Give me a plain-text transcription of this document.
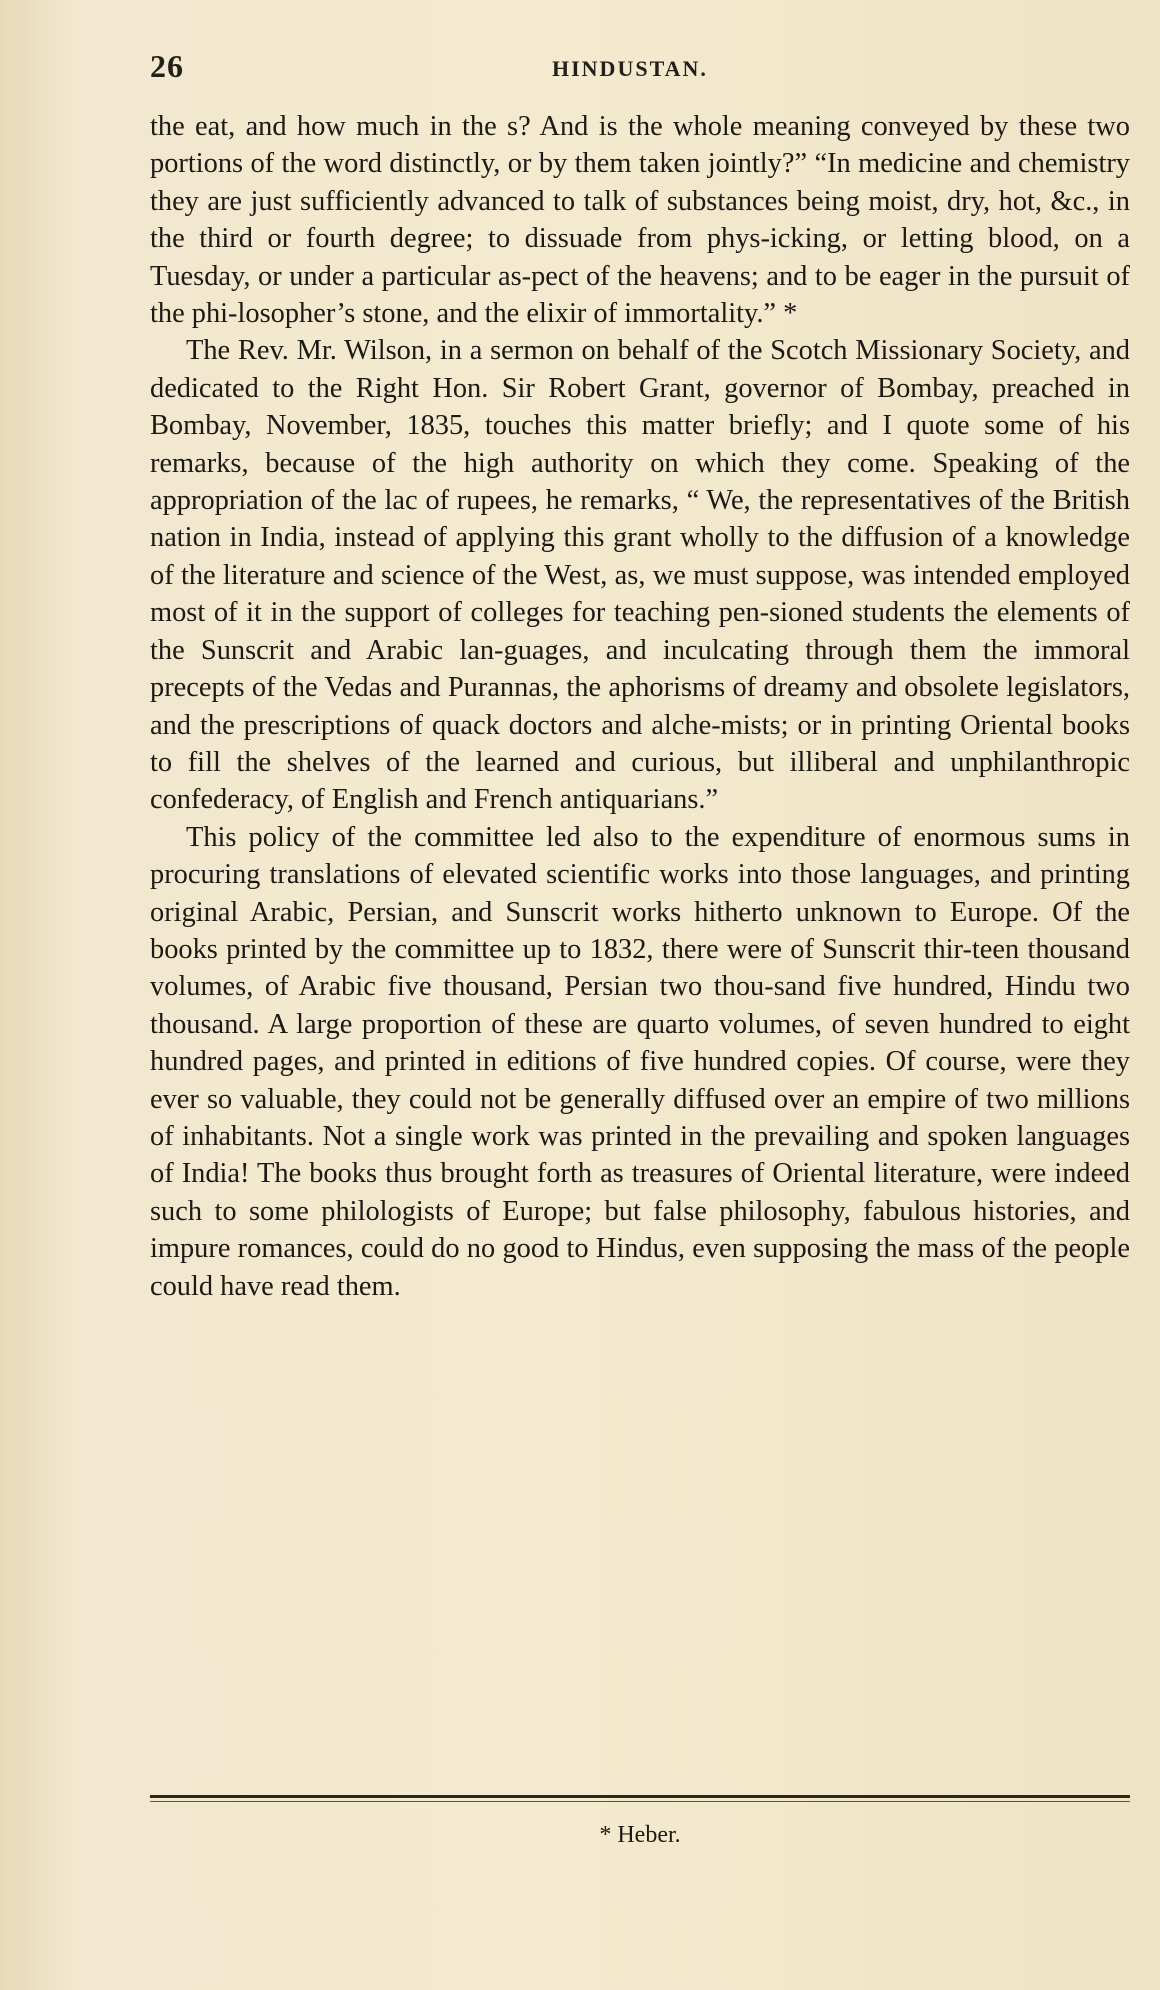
26	HINDUSTAN.

the eat, and how much in the s? And is the whole meaning conveyed by these two portions of the word distinctly, or by them taken jointly?” “In medicine and chemistry they are just sufficiently advanced to talk of substances being moist, dry, hot, &c., in the third or fourth degree; to dissuade from phys-icking, or letting blood, on a Tuesday, or under a particular as-pect of the heavens; and to be eager in the pursuit of the phi-losopher’s stone, and the elixir of immortality.” *

The Rev. Mr. Wilson, in a sermon on behalf of the Scotch Missionary Society, and dedicated to the Right Hon. Sir Robert Grant, governor of Bombay, preached in Bombay, November, 1835, touches this matter briefly; and I quote some of his remarks, because of the high authority on which they come. Speaking of the appropriation of the lac of rupees, he remarks, “ We, the representatives of the British nation in India, instead of applying this grant wholly to the diffusion of a knowledge of the literature and science of the West, as, we must suppose, was intended employed most of it in the support of colleges for teaching pen-sioned students the elements of the Sunscrit and Arabic lan-guages, and inculcating through them the immoral precepts of the Vedas and Purannas, the aphorisms of dreamy and obsolete legislators, and the prescriptions of quack doctors and alche-mists; or in printing Oriental books to fill the shelves of the learned and curious, but illiberal and unphilanthropic confederacy, of English and French antiquarians.”

This policy of the committee led also to the expenditure of enormous sums in procuring translations of elevated scientific works into those languages, and printing original Arabic, Persian, and Sunscrit works hitherto unknown to Europe. Of the books printed by the committee up to 1832, there were of Sunscrit thir-teen thousand volumes, of Arabic five thousand, Persian two thou-sand five hundred, Hindu two thousand. A large proportion of these are quarto volumes, of seven hundred to eight hundred pages, and printed in editions of five hundred copies. Of course, were they ever so valuable, they could not be generally diffused over an empire of two millions of inhabitants. Not a single work was printed in the prevailing and spoken languages of India! The books thus brought forth as treasures of Oriental literature, were indeed such to some philologists of Europe; but false philosophy, fabulous histories, and impure romances, could do no good to Hindus, even supposing the mass of the people could have read them.

* Heber.
